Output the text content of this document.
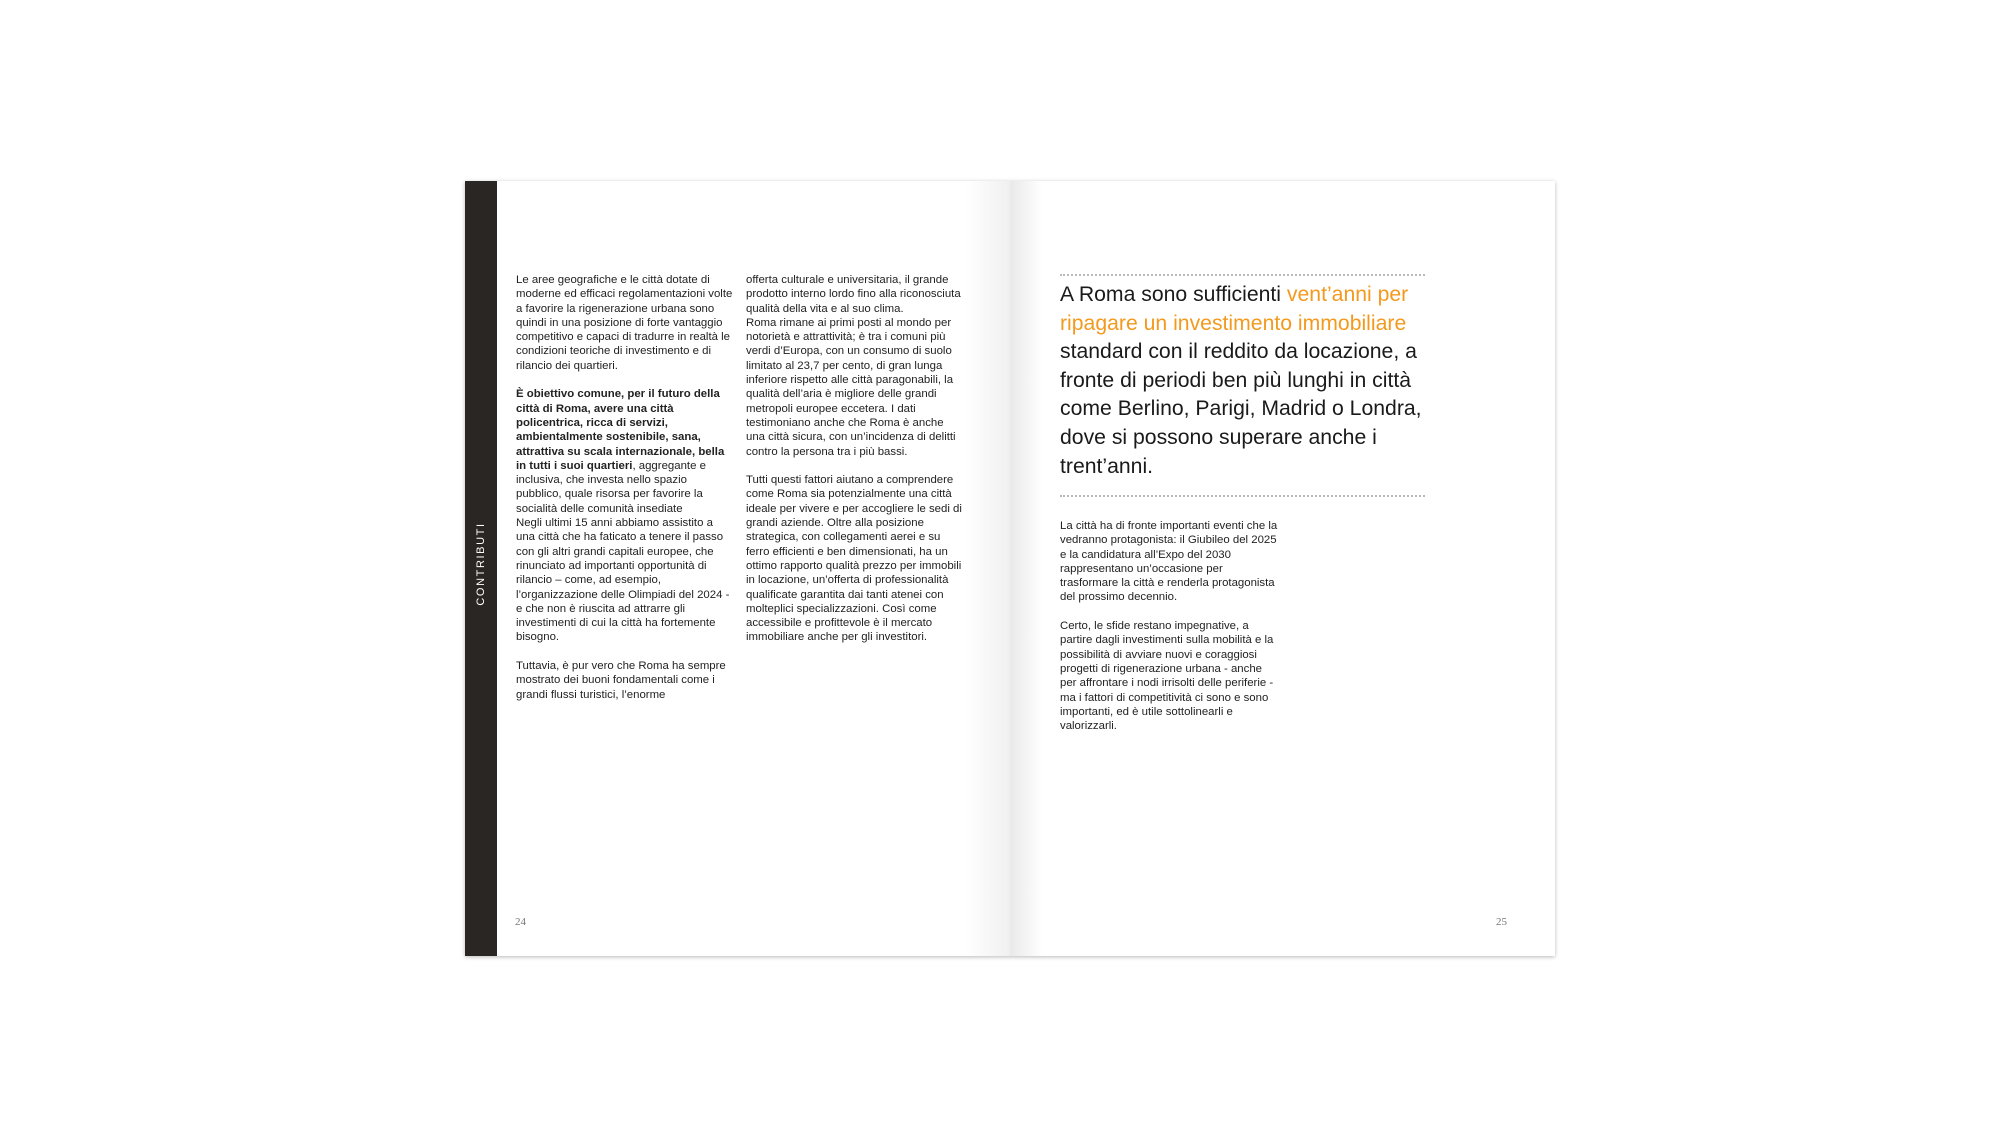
CONTRIBUTI

Le aree geografiche e le città dotate di moderne ed efficaci regolamentazioni volte a favorire la rigenerazione urbana sono quindi in una posizione di forte vantaggio competitivo e capaci di tradurre in realtà le condizioni teoriche di investimento e di rilancio dei quartieri.

È obiettivo comune, per il futuro della città di Roma, avere una città policentrica, ricca di servizi, ambientalmente sostenibile, sana, attrattiva su scala internazionale, bella in tutti i suoi quartieri, aggregante e inclusiva, che investa nello spazio pubblico, quale risorsa per favorire la socialità delle comunità insediate
Negli ultimi 15 anni abbiamo assistito a una città che ha faticato a tenere il passo con gli altri grandi capitali europee, che rinunciato ad importanti opportunità di rilancio – come, ad esempio, l’organizzazione delle Olimpiadi del 2024 - e che non è riuscita ad attrarre gli investimenti di cui la città ha fortemente bisogno.

Tuttavia, è pur vero che Roma ha sempre mostrato dei buoni fondamentali come i grandi flussi turistici, l’enorme

offerta culturale e universitaria, il grande prodotto interno lordo fino alla riconosciuta qualità della vita e al suo clima.
Roma rimane ai primi posti al mondo per notorietà e attrattività; è tra i comuni più verdi d’Europa, con un consumo di suolo limitato al 23,7 per cento, di gran lunga inferiore rispetto alle città paragonabili, la qualità dell’aria è migliore delle grandi metropoli europee eccetera. I dati testimoniano anche che Roma è anche una città sicura, con un’incidenza di delitti contro la persona tra i più bassi.

Tutti questi fattori aiutano a comprendere come Roma sia potenzialmente una città ideale per vivere e per accogliere le sedi di grandi aziende. Oltre alla posizione strategica, con collegamenti aerei e su ferro efficienti e ben dimensionati, ha un ottimo rapporto qualità prezzo per immobili in locazione, un’offerta di professionalità qualificate garantita dai tanti atenei con molteplici specializzazioni. Così come accessibile e profittevole è il mercato immobiliare anche per gli investitori.

24
A Roma sono sufficienti vent’anni per ripagare un investimento immobiliare standard con il reddito da locazione, a fronte di periodi ben più lunghi in città come Berlino, Parigi, Madrid o Londra, dove si possono superare anche i trent’anni.

La città ha di fronte importanti eventi che la vedranno protagonista: il Giubileo del 2025 e la candidatura all’Expo del 2030 rappresentano un’occasione per trasformare la città e renderla protagonista del prossimo decennio.

Certo, le sfide restano impegnative, a partire dagli investimenti sulla mobilità e la possibilità di avviare nuovi e coraggiosi progetti di rigenerazione urbana - anche per affrontare i nodi irrisolti delle periferie - ma i fattori di competitività ci sono e sono importanti, ed è utile sottolinearli e valorizzarli.

25
